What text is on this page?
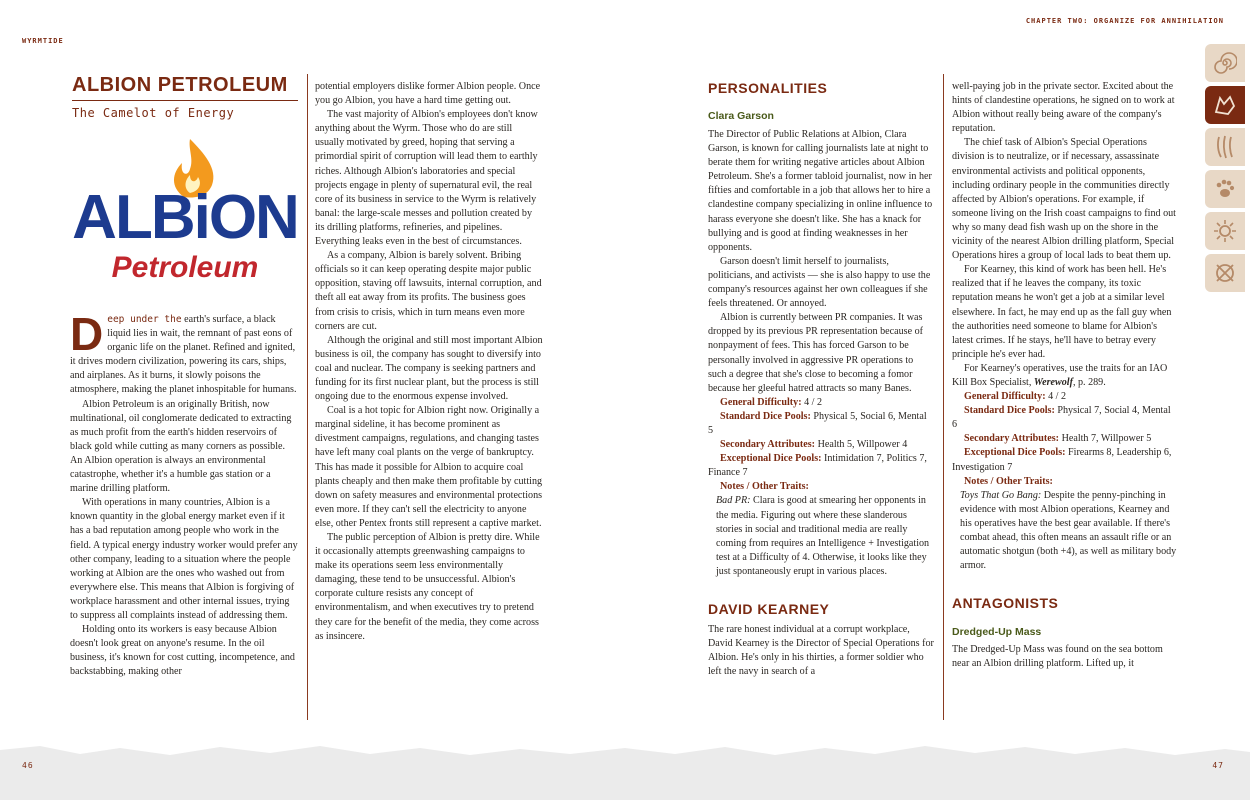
WYRMTIDE
ALBION PETROLEUM
The Camelot of Energy
ALBiON
Petroleum

Deep under the earth's surface, a black liquid lies in wait, the remnant of past eons of organic life on the planet. Refined and ignited, it drives modern civilization, powering its cars, ships, and airplanes. As it burns, it slowly poisons the atmosphere, making the planet inhospitable for humans.

Albion Petroleum is an originally British, now multinational, oil conglomerate dedicated to extracting as much profit from the earth's hidden reservoirs of black gold while cutting as many corners as possible. An Albion operation is always an environmental catastrophe, whether it's a humble gas station or a marine drilling platform.

With operations in many countries, Albion is a known quantity in the global energy market even if it has a bad reputation among people who work in the field. A typical energy industry worker would prefer any other company, leading to a situation where the people working at Albion are the ones who washed out from everywhere else. This means that Albion is forgiving of workplace harassment and other internal issues, trying to suppress all complaints instead of addressing them.

Holding onto its workers is easy because Albion doesn't look great on anyone's resume. In the oil business, it's known for cost cutting, incompetence, and backstabbing, making other

potential employers dislike former Albion people. Once you go Albion, you have a hard time getting out.

The vast majority of Albion's employees don't know anything about the Wyrm. Those who do are still usually motivated by greed, hoping that serving a primordial spirit of corruption will lead them to earthly riches. Although Albion's laboratories and special projects engage in plenty of supernatural evil, the real core of its business in service to the Wyrm is relatively banal: the large-scale messes and pollution created by its drilling platforms, refineries, and pipelines. Everything leaks even in the best of circumstances.

As a company, Albion is barely solvent. Bribing officials so it can keep operating despite major public opposition, staving off lawsuits, internal corruption, and theft all eat away from its profits. The business goes from crisis to crisis, which in turn means even more corners are cut.

Although the original and still most important Albion business is oil, the company has sought to diversify into coal and nuclear. The company is seeking partners and funding for its first nuclear plant, but the process is still ongoing due to the enormous expense involved.

Coal is a hot topic for Albion right now. Originally a marginal sideline, it has become prominent as divestment campaigns, regulations, and changing tastes have left many coal plants on the verge of bankruptcy. This has made it possible for Albion to acquire coal plants cheaply and then make them profitable by cutting down on safety measures and environmental protections even more. If they can't sell the electricity to anyone else, other Pentex fronts still represent a captive market.

The public perception of Albion is pretty dire. While it occasionally attempts greenwashing campaigns to make its operations seem less environmentally damaging, these tend to be unsuccessful. Albion's corporate culture resists any concept of environmentalism, and when executives try to pretend they care for the benefit of the media, they come across as insincere.

46
CHAPTER TWO: ORGANIZE FOR ANNIHILATION
PERSONALITIES
Clara Garson

The Director of Public Relations at Albion, Clara Garson, is known for calling journalists late at night to berate them for writing negative articles about Albion Petroleum. She's a former tabloid journalist, now in her fifties and comfortable in a job that allows her to hire a clandestine company specializing in online influence to harass everyone she doesn't like. She has a knack for bullying and is good at finding weaknesses in her opponents.

Garson doesn't limit herself to journalists, politicians, and activists — she is also happy to use the company's resources against her own colleagues if she feels threatened. Or annoyed.

Albion is currently between PR companies. It was dropped by its previous PR representation because of nonpayment of fees. This has forced Garson to be personally involved in aggressive PR operations to such a degree that she's close to becoming a fomor because her gleeful hatred attracts so many Banes.

General Difficulty: 4 / 2

Standard Dice Pools: Physical 5, Social 6, Mental 5

Secondary Attributes: Health 5, Willpower 4

Exceptional Dice Pools: Intimidation 7, Politics 7, Finance 7

Notes / Other Traits:

Bad PR: Clara is good at smearing her opponents in the media. Figuring out where these slanderous stories in social and traditional media are really coming from requires an Intelligence + Investigation test at a Difficulty of 4. Otherwise, it looks like they just spontaneously erupt in various places.

DAVID KEARNEY

The rare honest individual at a corrupt workplace, David Kearney is the Director of Special Operations for Albion. He's only in his thirties, a former soldier who left the navy in search of a

well-paying job in the private sector. Excited about the hints of clandestine operations, he signed on to work at Albion without really being aware of the company's reputation.

The chief task of Albion's Special Operations division is to neutralize, or if necessary, assassinate environmental activists and political opponents, including ordinary people in the communities directly affected by Albion's operations. For example, if someone living on the Irish coast campaigns to find out why so many dead fish wash up on the shore in the vicinity of the nearest Albion drilling platform, Special Operations hires a group of local lads to beat them up.

For Kearney, this kind of work has been hell. He's realized that if he leaves the company, its toxic reputation means he won't get a job at a similar level elsewhere. In fact, he may end up as the fall guy when the authorities need someone to blame for Albion's latest crimes. If he stays, he'll have to betray every principle he's ever had.

For Kearney's operatives, use the traits for an IAO Kill Box Specialist, Werewolf, p. 289.

General Difficulty: 4 / 2

Standard Dice Pools: Physical 7, Social 4, Mental 6

Secondary Attributes: Health 7, Willpower 5

Exceptional Dice Pools: Firearms 8, Leadership 6, Investigation 7

Notes / Other Traits:

Toys That Go Bang: Despite the penny-pinching in evidence with most Albion operations, Kearney and his operatives have the best gear available. If there's combat ahead, this often means an assault rifle or an automatic shotgun (both +4), as well as military body armor.

ANTAGONISTS
Dredged-Up Mass

The Dredged-Up Mass was found on the sea bottom near an Albion drilling platform. Lifted up, it

47
